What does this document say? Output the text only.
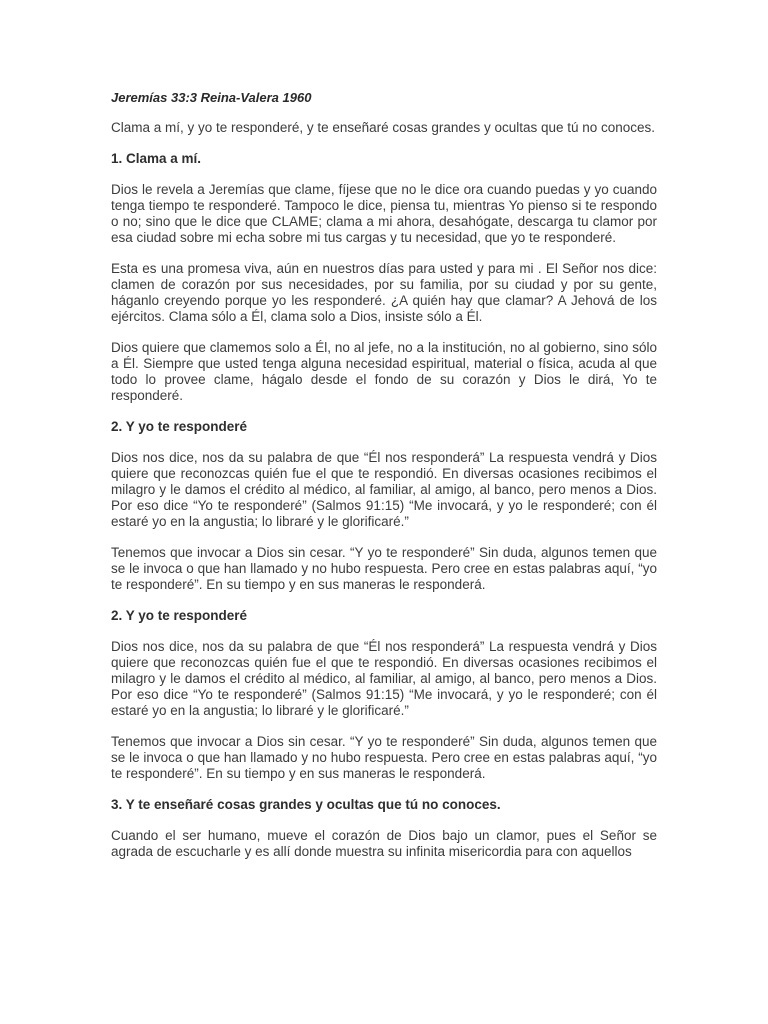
Jeremías 33:3 Reina-Valera 1960

Clama a mí, y yo te responderé, y te enseñaré cosas grandes y ocultas que tú no conoces.

1. Clama a mí.

Dios le revela a Jeremías que clame, fíjese que no le dice ora cuando puedas y yo cuando tenga tiempo te responderé. Tampoco le dice, piensa tu, mientras Yo pienso si te respondo o no; sino que le dice que CLAME; clama a mi ahora, desahógate, descarga tu clamor por esa ciudad sobre mi echa sobre mi tus cargas y tu necesidad, que yo te responderé.

Esta es una promesa viva, aún en nuestros días para usted y para mi . El Señor nos dice: clamen de corazón por sus necesidades, por su familia, por su ciudad y por su gente, háganlo creyendo porque yo les responderé. ¿A quién hay que clamar? A Jehová de los ejércitos. Clama sólo a Él, clama solo a Dios, insiste sólo a Él.

Dios quiere que clamemos solo a Él, no al jefe, no a la institución, no al gobierno, sino sólo a Él. Siempre que usted tenga alguna necesidad espiritual, material o física, acuda al que todo lo provee clame, hágalo desde el fondo de su corazón y Dios le dirá, Yo te responderé.

2. Y yo te responderé

Dios nos dice, nos da su palabra de que “Él nos responderá” La respuesta vendrá y Dios quiere que reconozcas quién fue el que te respondió. En diversas ocasiones recibimos el milagro y le damos el crédito al médico, al familiar, al amigo, al banco, pero menos a Dios. Por eso dice “Yo te responderé” (Salmos 91:15) “Me invocará, y yo le responderé; con él estaré yo en la angustia; lo libraré y le glorificaré.”

Tenemos que invocar a Dios sin cesar. “Y yo te responderé” Sin duda, algunos temen que se le invoca o que han llamado y no hubo respuesta. Pero cree en estas palabras aquí, “yo te responderé”. En su tiempo y en sus maneras le responderá.

2. Y yo te responderé

Dios nos dice, nos da su palabra de que “Él nos responderá” La respuesta vendrá y Dios quiere que reconozcas quién fue el que te respondió. En diversas ocasiones recibimos el milagro y le damos el crédito al médico, al familiar, al amigo, al banco, pero menos a Dios. Por eso dice “Yo te responderé” (Salmos 91:15) “Me invocará, y yo le responderé; con él estaré yo en la angustia; lo libraré y le glorificaré.”

Tenemos que invocar a Dios sin cesar. “Y yo te responderé” Sin duda, algunos temen que se le invoca o que han llamado y no hubo respuesta. Pero cree en estas palabras aquí, “yo te responderé”. En su tiempo y en sus maneras le responderá.

3. Y te enseñaré cosas grandes y ocultas que tú no conoces.

Cuando el ser humano, mueve el corazón de Dios bajo un clamor, pues el Señor se agrada de escucharle y es allí donde muestra su infinita misericordia para con aquellos
